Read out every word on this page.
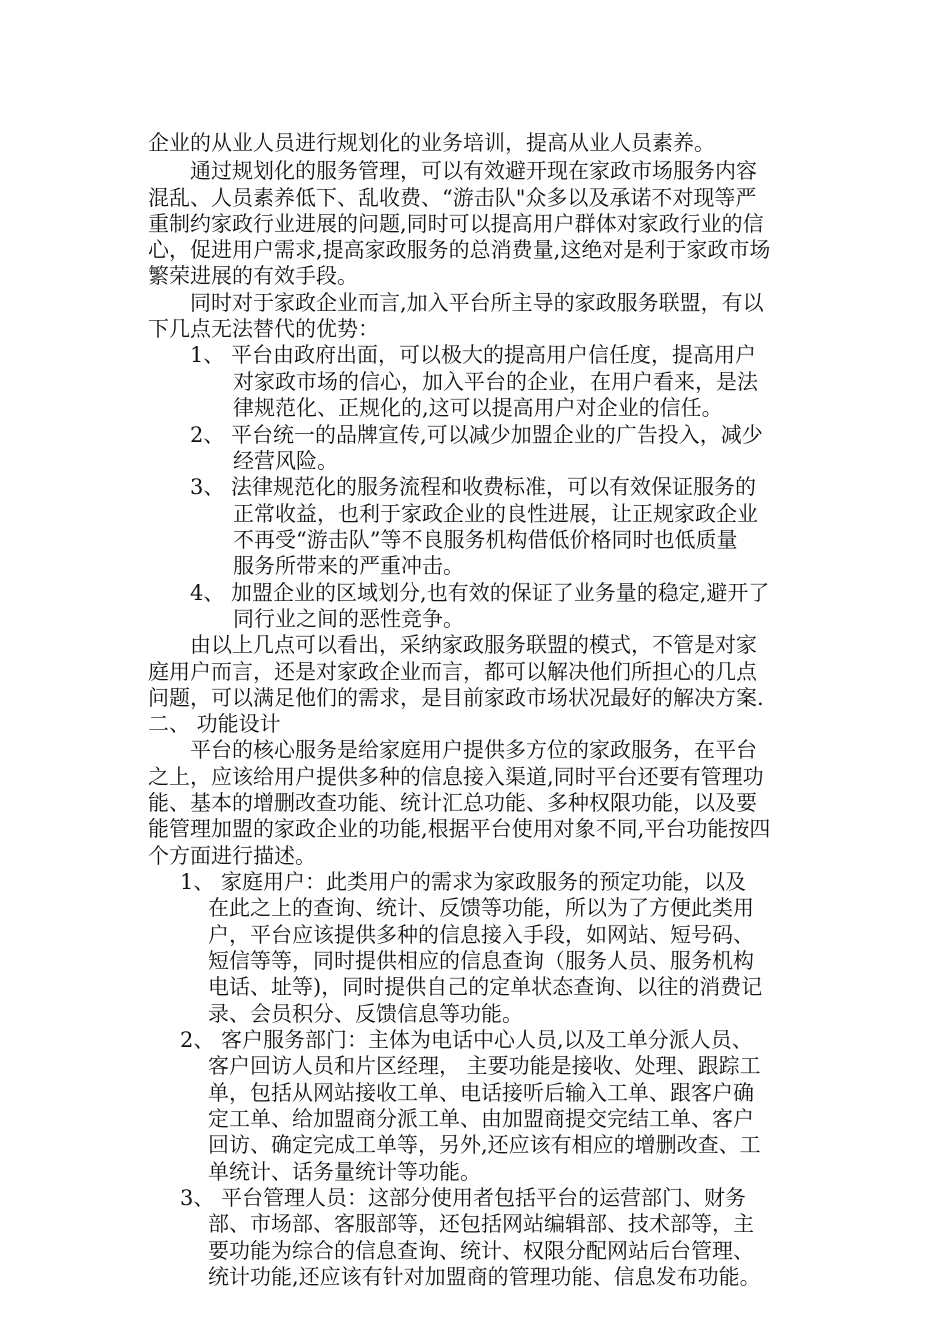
企业的从业人员进行规划化的业务培训，提高从业人员素养。
通过规划化的服务管理，可以有效避开现在家政市场服务内容
混乱、人员素养低下、乱收费、“游击队"众多以及承诺不对现等严
重制约家政行业进展的问题,同时可以提高用户群体对家政行业的信
心，促进用户需求,提高家政服务的总消费量,这绝对是利于家政市场
繁荣进展的有效手段。
同时对于家政企业而言,加入平台所主导的家政服务联盟，有以
下几点无法替代的优势：
1、 平台由政府出面，可以极大的提高用户信任度，提高用户
对家政市场的信心，加入平台的企业，在用户看来，是法
律规范化、正规化的,这可以提高用户对企业的信任。
2、 平台统一的品牌宣传,可以减少加盟企业的广告投入，减少
经营风险。
3、 法律规范化的服务流程和收费标准，可以有效保证服务的
正常收益，也利于家政企业的良性进展，让正规家政企业
不再受“游击队”等不良服务机构借低价格同时也低质量
服务所带来的严重冲击。
4、 加盟企业的区域划分,也有效的保证了业务量的稳定,避开了
同行业之间的恶性竞争。
由以上几点可以看出，采纳家政服务联盟的模式，不管是对家
庭用户而言，还是对家政企业而言，都可以解决他们所担心的几点
问题，可以满足他们的需求，是目前家政市场状况最好的解决方案.
二、 功能设计
平台的核心服务是给家庭用户提供多方位的家政服务，在平台
之上，应该给用户提供多种的信息接入渠道,同时平台还要有管理功
能、基本的增删改查功能、统计汇总功能、多种权限功能，以及要
能管理加盟的家政企业的功能,根据平台使用对象不同,平台功能按四
个方面进行描述。
1、 家庭用户：此类用户的需求为家政服务的预定功能，以及
在此之上的查询、统计、反馈等功能，所以为了方便此类用
户，平台应该提供多种的信息接入手段，如网站、短号码、
短信等等，同时提供相应的信息查询（服务人员、服务机构
电话、址等)，同时提供自己的定单状态查询、以往的消费记
录、会员积分、反馈信息等功能。
2、 客户服务部门：主体为电话中心人员,以及工单分派人员、
客户回访人员和片区经理， 主要功能是接收、处理、跟踪工
单，包括从网站接收工单、电话接听后输入工单、跟客户确
定工单、给加盟商分派工单、由加盟商提交完结工单、客户
回访、确定完成工单等，另外,还应该有相应的增删改查、工
单统计、话务量统计等功能。
3、 平台管理人员：这部分使用者包括平台的运营部门、财务
部、市场部、客服部等，还包括网站编辑部、技术部等，主
要功能为综合的信息查询、统计、权限分配网站后台管理、
统计功能,还应该有针对加盟商的管理功能、信息发布功能。
